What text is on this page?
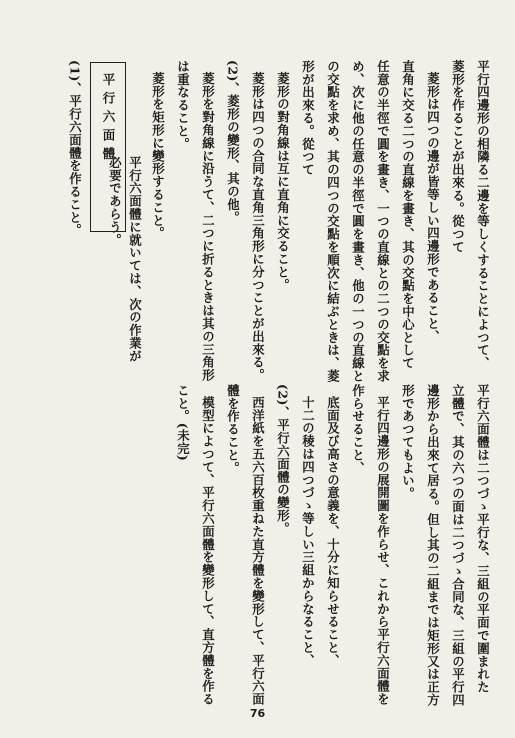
平行四邊形の相隣る二邊を等しくすることによつて、
菱形を作ることが出來る。從つて
菱形は四つの邊が皆等しい四邊形であること、
直角に交る二つの直線を畫き、其の交點を中心として
任意の半徑で圓を畫き、一つの直線との二つの交點を求
め、次に他の任意の半徑で圓を畫き、他の一つの直線と
の交點を求め、其の四つの交點を順次に結ぶときは、菱
形が出來る。從つて
菱形の對角線は互に直角に交ること。
菱形は四つの合同な直角三角形に分つことが出來る。
(2)、菱形の變形、其の他。
菱形を對角線に沿うて、二つに折るときは其の三角形
は重なること。
菱形を矩形に變形すること。
平行六面體に就いては、次の作業が
必要であらう。
平行六面體
(1)、平行六面體を作ること。
平行六面體は二つづゝ平行な、三組の平面で圍まれた
立體で、其の六つの面は二つづゝ合同な、三組の平行四
邊形から出來て居る。但し其の二組までは矩形又は正方
形であつてもよい。
平行四邊形の展開圖を作らせ、これから平行六面體を
作らせること、
底面及び高さの意義を、十分に知らせること、
十二の稜は四つづゝ等しい三組からなること、
(2)、平行六面體の變形。
西洋紙を五六百枚重ねた直方體を變形して、平行六面
體を作ること。
模型によつて、平行六面體を變形して、直方體を作る
こと。(未完)
76
